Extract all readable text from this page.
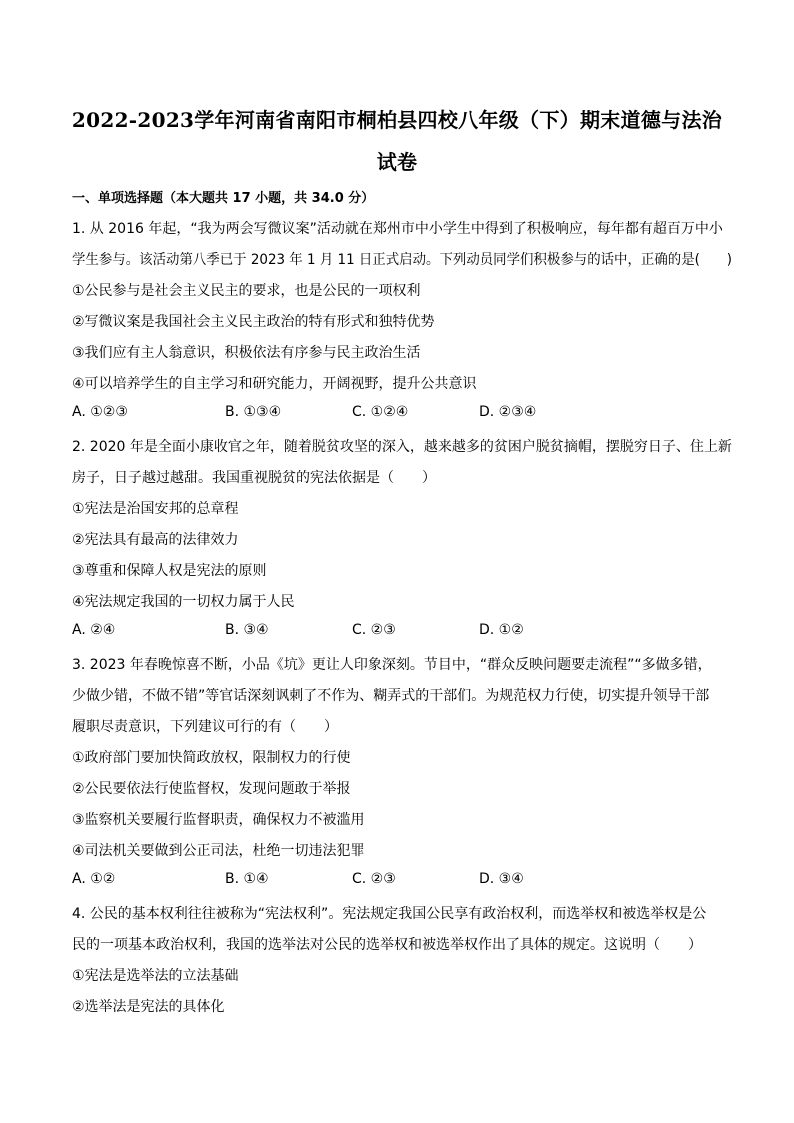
2022-2023学年河南省南阳市桐柏县四校八年级（下）期末道德与法治
试卷
一、单项选择题（本大题共 17 小题，共 34.0 分）
1. 从 2016 年起，“我为两会写微议案”活动就在郑州市中小学生中得到了积极响应，每年都有超百万中小
学生参与。该活动第八季已于 2023 年 1 月 11 日正式启动。下列动员同学们积极参与的话中，正确的是(　　)
①公民参与是社会主义民主的要求，也是公民的一项权利
②写微议案是我国社会主义民主政治的特有形式和独特优势
③我们应有主人翁意识，积极依法有序参与民主政治生活
④可以培养学生的自主学习和研究能力，开阔视野，提升公共意识
A. ①②③	B. ①③④	C. ①②④	D. ②③④
2. 2020 年是全面小康收官之年，随着脱贫攻坚的深入，越来越多的贫困户脱贫摘帽，摆脱穷日子、住上新
房子，日子越过越甜。我国重视脱贫的宪法依据是（　　）
①宪法是治国安邦的总章程
②宪法具有最高的法律效力
③尊重和保障人权是宪法的原则
④宪法规定我国的一切权力属于人民
A. ②④	B. ③④	C. ②③	D. ①②
3. 2023 年春晚惊喜不断，小品《坑》更让人印象深刻。节目中，“群众反映问题要走流程”“多做多错，
少做少错，不做不错”等官话深刻讽刺了不作为、糊弄式的干部们。为规范权力行使，切实提升领导干部
履职尽责意识，下列建议可行的有（　　）
①政府部门要加快简政放权，限制权力的行使
②公民要依法行使监督权，发现问题敢于举报
③监察机关要履行监督职责，确保权力不被滥用
④司法机关要做到公正司法，杜绝一切违法犯罪
A. ①②	B. ①④	C. ②③	D. ③④
4. 公民的基本权利往往被称为“宪法权利”。宪法规定我国公民享有政治权利，而选举权和被选举权是公
民的一项基本政治权利，我国的选举法对公民的选举权和被选举权作出了具体的规定。这说明（　　）
①宪法是选举法的立法基础
②选举法是宪法的具体化
